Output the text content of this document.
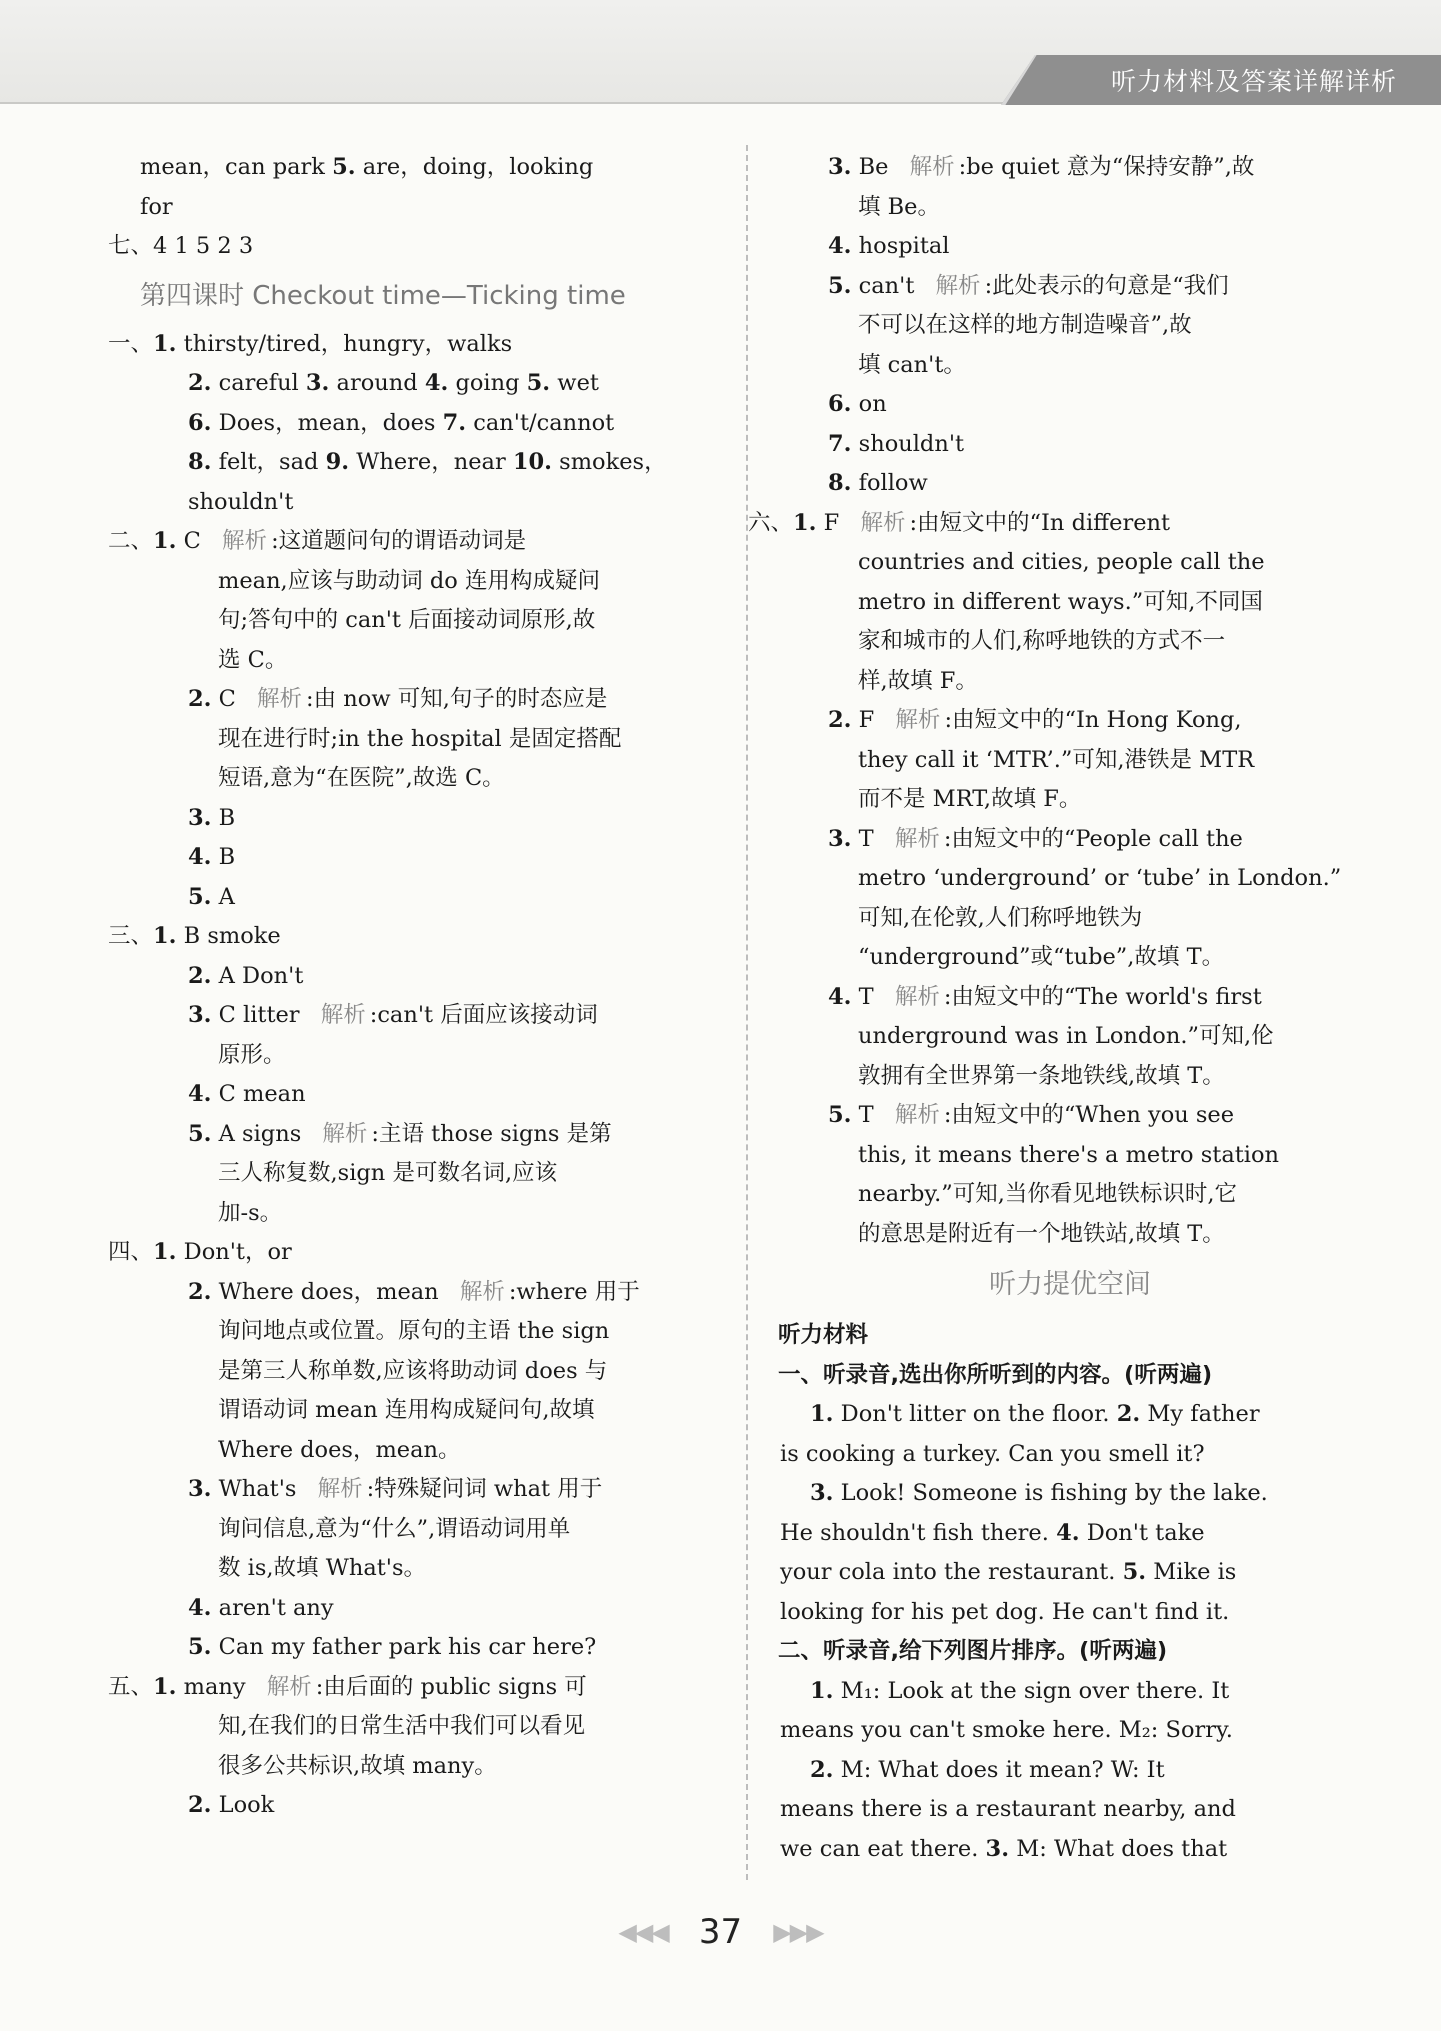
听力材料及答案详解详析
mean，can park 5. are，doing，looking
for
七、4 1 5 2 3
第四课时 Checkout time—Ticking time
一、1. thirsty/tired，hungry，walks
2. careful 3. around 4. going 5. wet
6. Does，mean，does 7. can't/cannot
8. felt，sad 9. Where，near 10. smokes，
shouldn't
二、1. C 解析 :这道题问句的谓语动词是
mean,应该与助动词 do 连用构成疑问
句;答句中的 can't 后面接动词原形,故
选 C。
2. C 解析 :由 now 可知,句子的时态应是
现在进行时;in the hospital 是固定搭配
短语,意为“在医院”,故选 C。
3. B
4. B
5. A
三、1. B smoke
2. A Don't
3. C litter 解析 :can't 后面应该接动词
原形。
4. C mean
5. A signs 解析 :主语 those signs 是第
三人称复数,sign 是可数名词,应该
加-s。
四、1. Don't，or
2. Where does，mean 解析 :where 用于
询问地点或位置。原句的主语 the sign
是第三人称单数,应该将助动词 does 与
谓语动词 mean 连用构成疑问句,故填
Where does，mean。
3. What's 解析 :特殊疑问词 what 用于
询问信息,意为“什么”,谓语动词用单
数 is,故填 What's。
4. aren't any
5. Can my father park his car here?
五、1. many 解析 :由后面的 public signs 可
知,在我们的日常生活中我们可以看见
很多公共标识,故填 many。
2. Look
3. Be 解析 :be quiet 意为“保持安静”,故
填 Be。
4. hospital
5. can't 解析 :此处表示的句意是“我们
不可以在这样的地方制造噪音”,故
填 can't。
6. on
7. shouldn't
8. follow
六、1. F 解析 :由短文中的“In different
countries and cities, people call the
metro in different ways.”可知,不同国
家和城市的人们,称呼地铁的方式不一
样,故填 F。
2. F 解析 :由短文中的“In Hong Kong,
they call it ‘MTR’.”可知,港铁是 MTR
而不是 MRT,故填 F。
3. T 解析 :由短文中的“People call the
metro ‘underground’ or ‘tube’ in London.”
可知,在伦敦,人们称呼地铁为
“underground”或“tube”,故填 T。
4. T 解析 :由短文中的“The world's first
underground was in London.”可知,伦
敦拥有全世界第一条地铁线,故填 T。
5. T 解析 :由短文中的“When you see
this, it means there's a metro station
nearby.”可知,当你看见地铁标识时,它
的意思是附近有一个地铁站,故填 T。
听力提优空间
听力材料
一、听录音,选出你所听到的内容。(听两遍)
1. Don't litter on the floor. 2. My father
is cooking a turkey. Can you smell it?
3. Look! Someone is fishing by the lake.
He shouldn't fish there. 4. Don't take
your cola into the restaurant. 5. Mike is
looking for his pet dog. He can't find it.
二、听录音,给下列图片排序。(听两遍)
1. M₁: Look at the sign over there. It
means you can't smoke here. M₂: Sorry.
2. M: What does it mean? W: It
means there is a restaurant nearby, and
we can eat there. 3. M: What does that
◀◀◀ 37 ▶▶▶
